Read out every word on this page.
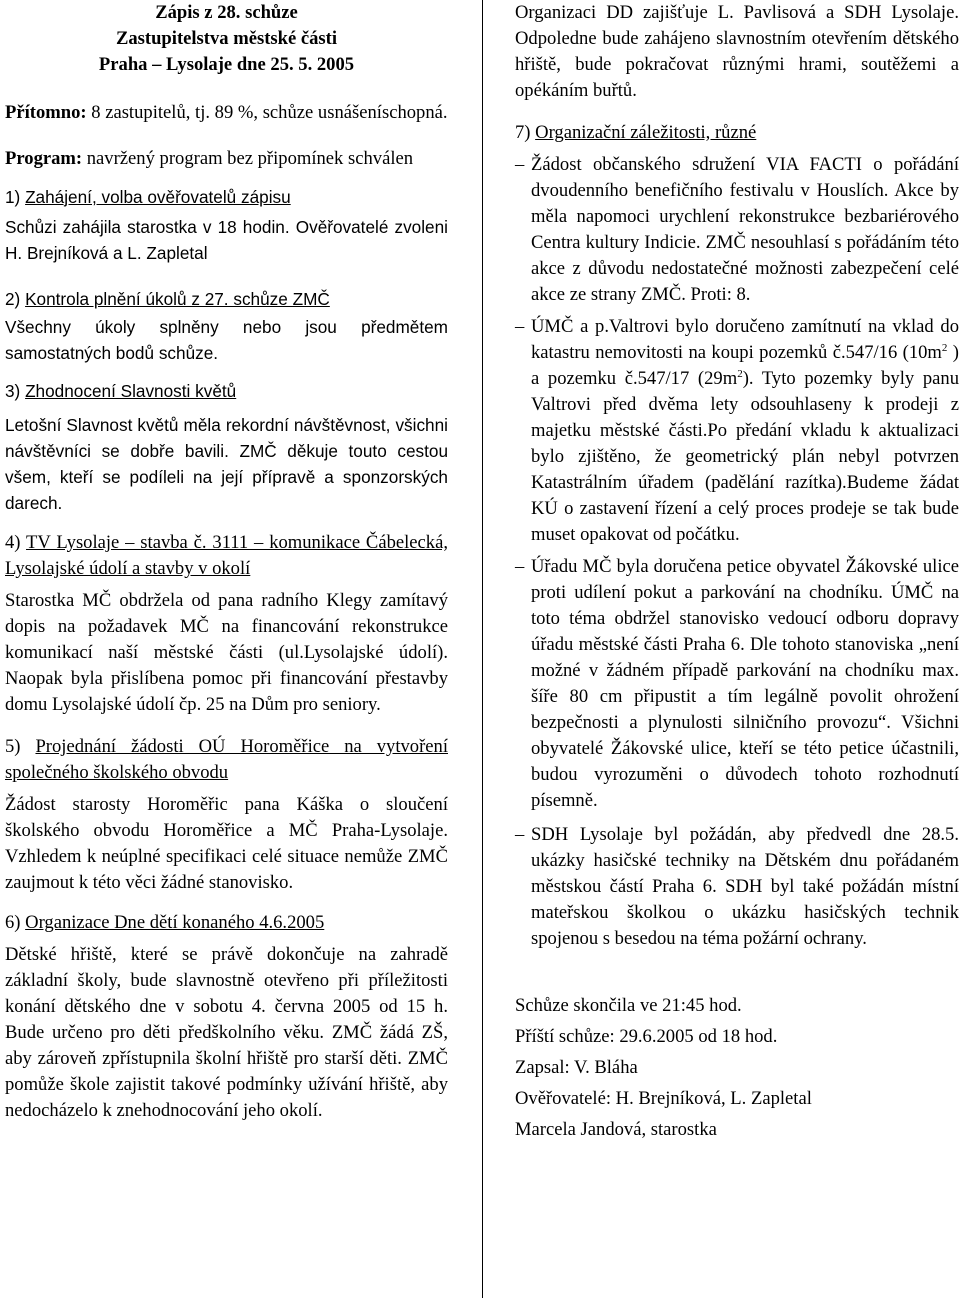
Zápis z 28. schůze

Zastupitelstva městské části

Praha – Lysolaje dne 25. 5. 2005

Přítomno: 8 zastupitelů, tj. 89 %, schůze usnášeníschopná.

Program: navržený program bez připomínek schválen

1) Zahájení, volba ověřovatelů zápisu

Schůzi zahájila starostka v 18 hodin. Ověřovatelé zvoleni H. Brejníková a L. Zapletal

2) Kontrola plnění úkolů z 27. schůze ZMČ

Všechny úkoly splněny nebo jsou předmětem samostatných bodů schůze.

3) Zhodnocení Slavnosti květů

Letošní Slavnost květů měla rekordní návštěvnost, všichni návštěvníci se dobře bavili. ZMČ děkuje touto cestou všem, kteří se podíleli na její přípravě a sponzorských darech.

4) TV Lysolaje – stavba č. 3111 – komunikace Čábelecká, Lysolajské údolí a stavby v okolí

Starostka MČ obdržela od pana radního Klegy zamítavý dopis na požadavek MČ na financování rekonstrukce komunikací naší městské části (ul.Lysolajské údolí). Naopak byla přislíbena pomoc při financování přestavby domu Lysolajské údolí čp. 25 na Dům pro seniory.

5) Projednání žádosti OÚ Horoměřice na vytvoření společného školského obvodu

Žádost starosty Horoměřic pana Káška o sloučení školského obvodu Horoměřice a MČ Praha-Lysolaje. Vzhledem k neúplné specifikaci celé situace nemůže ZMČ zaujmout k této věci žádné stanovisko.

6) Organizace Dne dětí konaného 4.6.2005

Dětské hřiště, které se právě dokončuje na zahradě základní školy, bude slavnostně otevřeno při příležitosti konání dětského dne v sobotu 4. června 2005 od 15 h. Bude určeno pro děti předškolního věku. ZMČ žádá ZŠ, aby zároveň zpřístupnila školní hřiště pro starší děti. ZMČ pomůže škole zajistit takové podmínky užívání hřiště, aby nedocházelo k znehodnocování jeho okolí.

Organizaci DD zajišťuje L. Pavlisová a SDH Lysolaje. Odpoledne bude zahájeno slavnostním otevřením dětského hřiště, bude pokračovat různými hrami, soutěžemi a opékáním buřtů.

7) Organizační záležitosti, různé

– Žádost občanského sdružení VIA FACTI o pořádání dvoudenního benefičního festivalu v Houslích. Akce by měla napomoci urychlení rekonstrukce bezbariérového Centra kultury Indicie. ZMČ nesouhlasí s pořádáním této akce z důvodu nedostatečné možnosti zabezpečení celé akce ze strany ZMČ. Proti: 8.

– ÚMČ a p.Valtrovi bylo doručeno zamítnutí na vklad do katastru nemovitosti na koupi pozemků č.547/16 ($10m^2$ ) a pozemku č.547/17 $(29m^2)$. Tyto pozemky byly panu Valtrovi před dvěma lety odsouhlaseny k prodeji z majetku městské části.Po předání vkladu k aktualizaci bylo zjištěno, že geometrický plán nebyl potvrzen Katastrálním úřadem (padělání razítka).Budeme žádat KÚ o zastavení řízení a celý proces prodeje se tak bude muset opakovat od počátku.

– Úřadu MČ byla doručena petice obyvatel Žákovské ulice proti udílení pokut a parkování na chodníku. ÚMČ na toto téma obdržel stanovisko vedoucí odboru dopravy úřadu městské části Praha 6. Dle tohoto stanoviska „není možné v žádném případě parkování na chodníku max. šíře 80 cm připustit a tím legálně povolit ohrožení bezpečnosti a plynulosti silničního provozu“. Všichni obyvatelé Žákovské ulice, kteří se této petice účastnili, budou vyrozuměni o důvodech tohoto rozhodnutí písemně.

– SDH Lysolaje byl požádán, aby předvedl dne 28.5. ukázky hasičské techniky na Dětském dnu pořádaném městskou částí Praha 6. SDH byl také požádán místní mateřskou školkou o ukázku hasičských technik spojenou s besedou na téma požární ochrany.

Schůze skončila ve 21:45 hod.

Příští schůze: 29.6.2005 od 18 hod.

Zapsal: V. Bláha

Ověřovatelé: H. Brejníková, L. Zapletal

Marcela Jandová, starostka
